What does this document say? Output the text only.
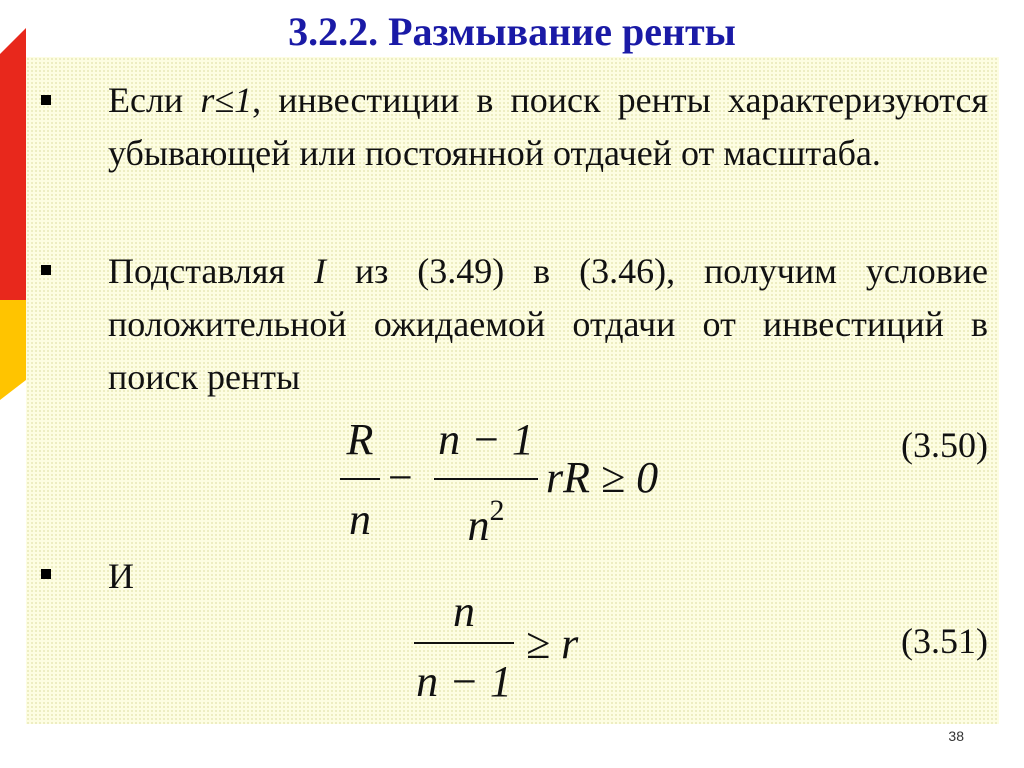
3.2.2. Размывание ренты

Если r≤1, инвестиции в поиск ренты характеризуются убывающей или постоянной отдачей от масштаба.

Подставляя I из (3.49) в (3.46), получим условие положительной ожидаемой отдачи от инвестиций в поиск ренты

R
n
−
n − 1
$n^2$
rR ≥ 0
(3.50)

И

n
n − 1
≥ r	(3.51)
38
